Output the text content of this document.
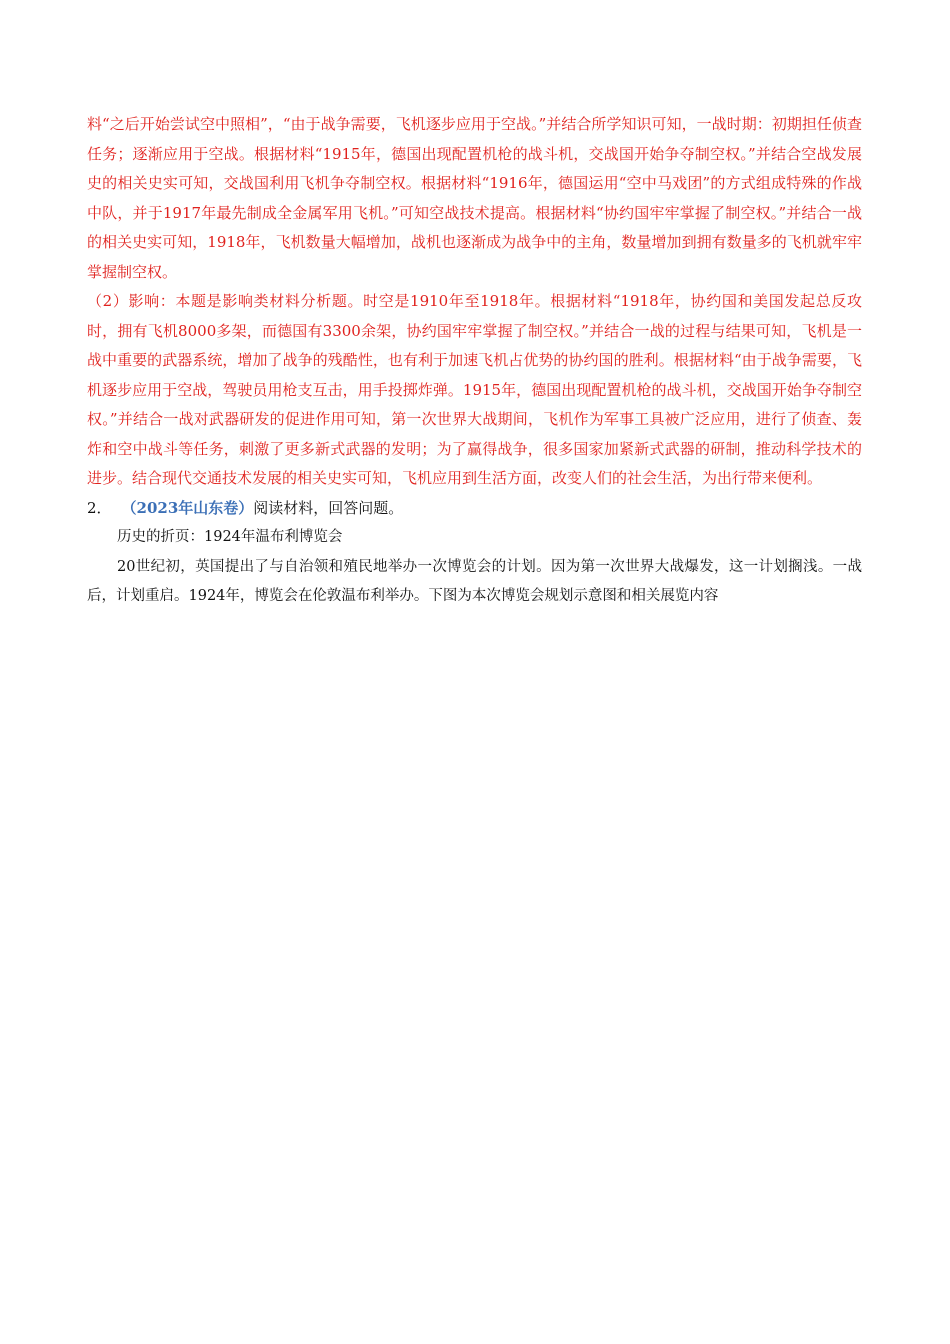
料“之后开始尝试空中照相”，“由于战争需要，飞机逐步应用于空战。”并结合所学知识可知，一战时期：初期担任侦查任务；逐渐应用于空战。根据材料“1915年，德国出现配置机枪的战斗机，交战国开始争夺制空权。”并结合空战发展史的相关史实可知，交战国利用飞机争夺制空权。根据材料“1916年，德国运用“空中马戏团”的方式组成特殊的作战中队，并于1917年最先制成全金属军用飞机。”可知空战技术提高。根据材料“协约国牢牢掌握了制空权。”并结合一战的相关史实可知，1918年，飞机数量大幅增加，战机也逐渐成为战争中的主角，数量增加到拥有数量多的飞机就牢牢掌握制空权。

（2）影响：本题是影响类材料分析题。时空是1910年至1918年。根据材料“1918年，协约国和美国发起总反攻时，拥有飞机8000多架，而德国有3300余架，协约国牢牢掌握了制空权。”并结合一战的过程与结果可知，飞机是一战中重要的武器系统，增加了战争的残酷性，也有利于加速飞机占优势的协约国的胜利。根据材料“由于战争需要，飞机逐步应用于空战，驾驶员用枪支互击，用手投掷炸弹。1915年，德国出现配置机枪的战斗机，交战国开始争夺制空权。”并结合一战对武器研发的促进作用可知，第一次世界大战期间，飞机作为军事工具被广泛应用，进行了侦查、轰炸和空中战斗等任务，刺激了更多新式武器的发明；为了赢得战争，很多国家加紧新式武器的研制，推动科学技术的进步。结合现代交通技术发展的相关史实可知，飞机应用到生活方面，改变人们的社会生活，为出行带来便利。

2． （2023年山东卷）阅读材料，回答问题。

历史的折页：1924年温布利博览会

20世纪初，英国提出了与自治领和殖民地举办一次博览会的计划。因为第一次世界大战爆发，这一计划搁浅。一战后，计划重启。1924年，博览会在伦敦温布利举办。下图为本次博览会规划示意图和相关展览内容
